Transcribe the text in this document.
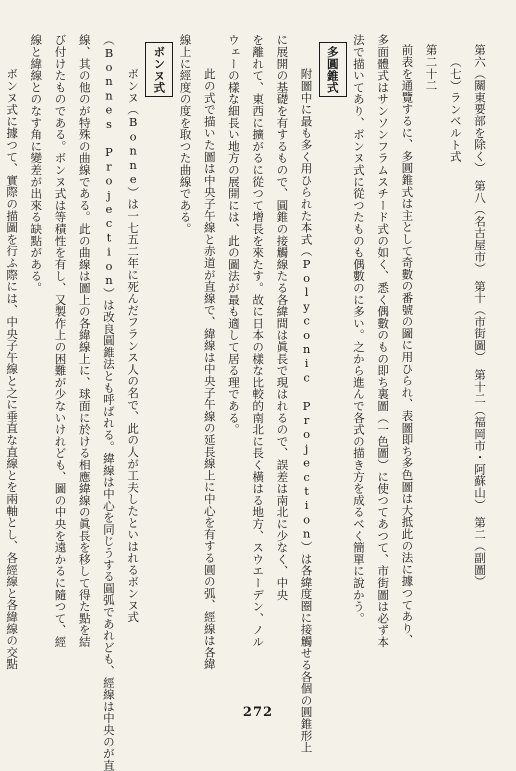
第六（關東要部を除く）　第八（名古屋市）　第十（市街圖）　第十二（福岡市・阿蘇山）　第二（副圖）
（七）ランベルト式
第二十二
前表を通覽するに、多圓錐式は主として奇數の番號の圖に用ひられ、表圖即ち多色圖は大抵此の法に據つてあり、
多面體式はサンソンフラムスチード式の如く、悉く偶數のもの即ち裏圖（一色圖）に使つてあつて、市街圖は必ず本
法で描いてあり、ボンヌ式に從つたものも偶數のに多い。之から進んで各式の描き方を成るべく簡單に說かう。
多圓錐式
附圖中に最も多く用ひられた本式（Polyconic Projection）は各緯度圈に接觸せる各個の圓錐形上
に展開の基礎を有するもので、圓錐の接觸線たる各緯間は眞長で現はれるので、誤差は南北に少なく、中央
を離れて、東西に擴がるに從つて增長を來たす。故に日本の樣な比較的南北に長く橫はる地方、スウエーデン、ノル
ウェーの樣な細長い地方の展開には、此の圖法が最も適して居る理である。
此の式で描いた圖は中央子午線と赤道が直線で、緯線は中央子午線の延長線上に中心を有する圓の弧、經線は各緯
線上に經度の度を取つた曲線である。
ボンヌ式
ボンヌ（Bonne）は一七五二年に死んだフランス人の名で、此の人が工夫したといはれるボンヌ式
（Bonnes Projection）は改良圓錐法とも呼ばれる。緯線は中心を同じうする圓弧であれども、經線は中央のが直
線、其の他のが特殊の曲線である。此の曲線は圖上の各緯線上に、球面に於ける相應緯線の眞長を移して得た點を結
び付けたものである。ボンヌ式は等積性を有し、又製作上の困難が少ないけれども、圖の中央を遠かるに隨つて、經
線と緯線とのなす角に變差が出來る缺點がある。
ボンヌ式に據つて、實際の描圖を行ふ際には、中央子午線と之に垂直な直線とを兩軸とし、各經線と各緯線の交點
272
